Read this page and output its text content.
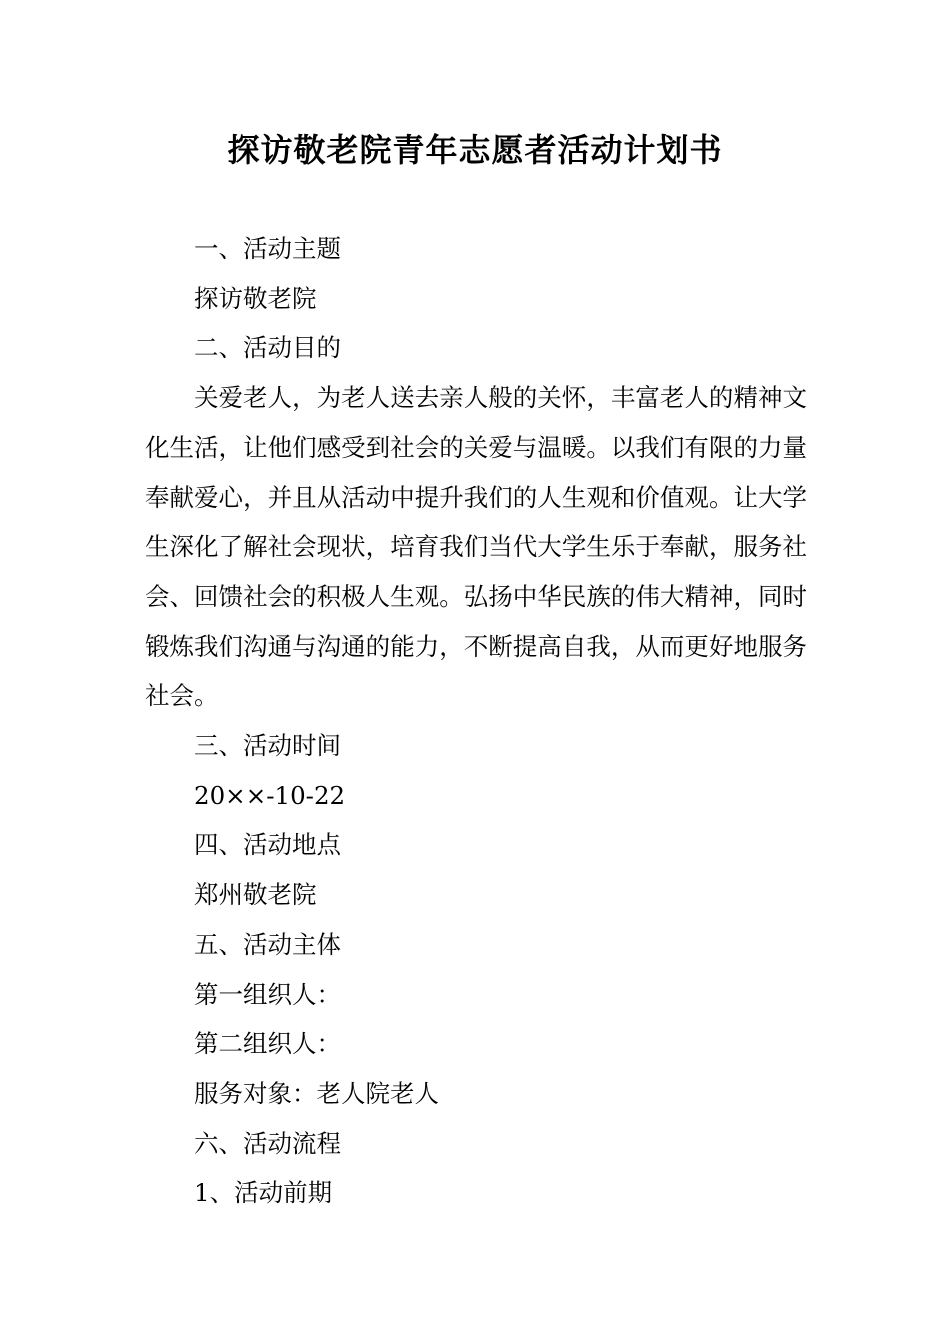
探访敬老院青年志愿者活动计划书

一、活动主题

探访敬老院

二、活动目的

关爱老人，为老人送去亲人般的关怀，丰富老人的精神文化生活，让他们感受到社会的关爱与温暖。以我们有限的力量奉献爱心，并且从活动中提升我们的人生观和价值观。让大学生深化了解社会现状，培育我们当代大学生乐于奉献，服务社会、回馈社会的积极人生观。弘扬中华民族的伟大精神，同时锻炼我们沟通与沟通的能力，不断提高自我，从而更好地服务社会。

三、活动时间

20××-10-22

四、活动地点

郑州敬老院

五、活动主体

第一组织人：

第二组织人：

服务对象：老人院老人

六、活动流程

1、活动前期
